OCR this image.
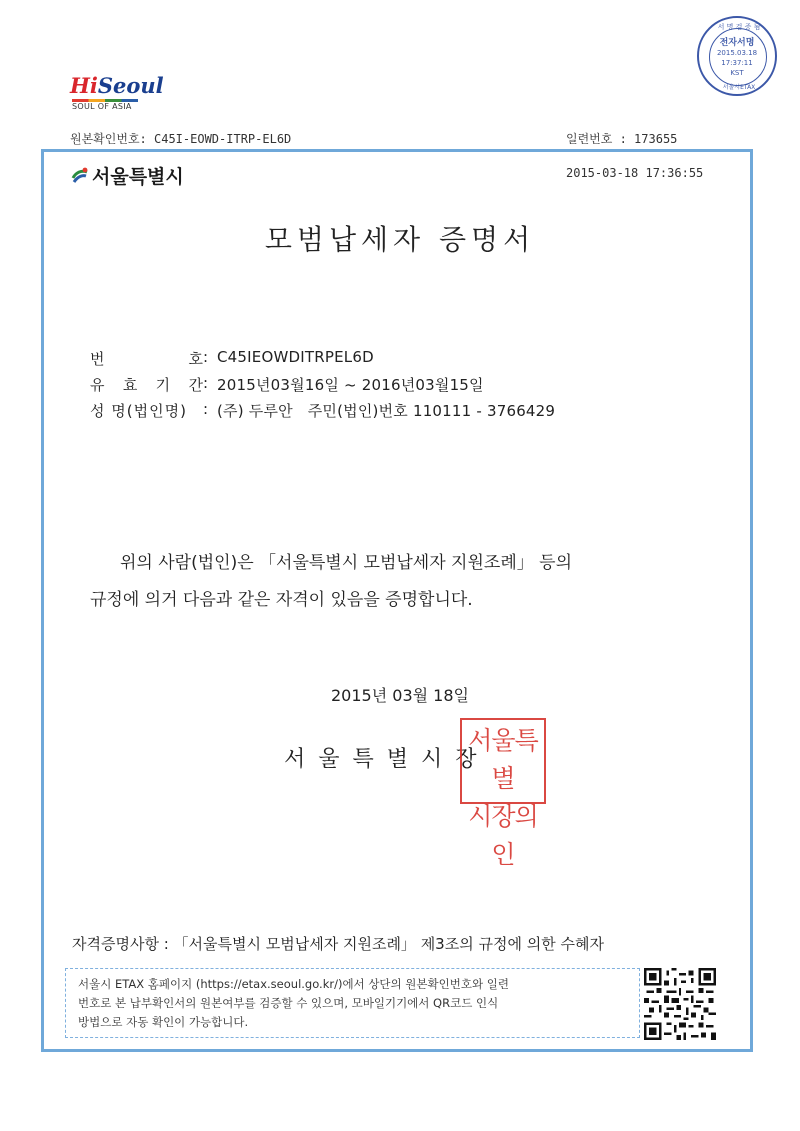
HiSeoul
SOUL OF ASIA
원본확인번호: C45I-EOWD-ITRP-EL6D	일련번호 : 173655
서 명 검 증 됨
전자서명
2015.03.18
17:37:11
KST
서울시ETAX
서울특별시	2015-03-18 17:36:55
모범납세자 증명서
번	호 : C45IEOWDITRPEL6D
유 효 기 간 : 2015년03월16일 ~ 2016년03월15일
성 명(법인명) : (주) 두루안   주민(법인)번호 110111 - 3766429
위의 사람(법인)은 「서울특별시 모범납세자 지원조례」 등의
규정에 의거 다음과 같은 자격이 있음을 증명합니다.
2015년 03월 18일
서울특별시장
서울특별
시장의인
자격증명사항 : 「서울특별시 모범납세자 지원조례」 제3조의 규정에 의한 수혜자
서울시 ETAX 홈페이지 (https://etax.seoul.go.kr/)에서 상단의 원본확인번호와 일련
번호로 본 납부확인서의 원본여부를 검증할 수 있으며, 모바일기기에서 QR코드 인식
방법으로 자동 확인이 가능합니다.
